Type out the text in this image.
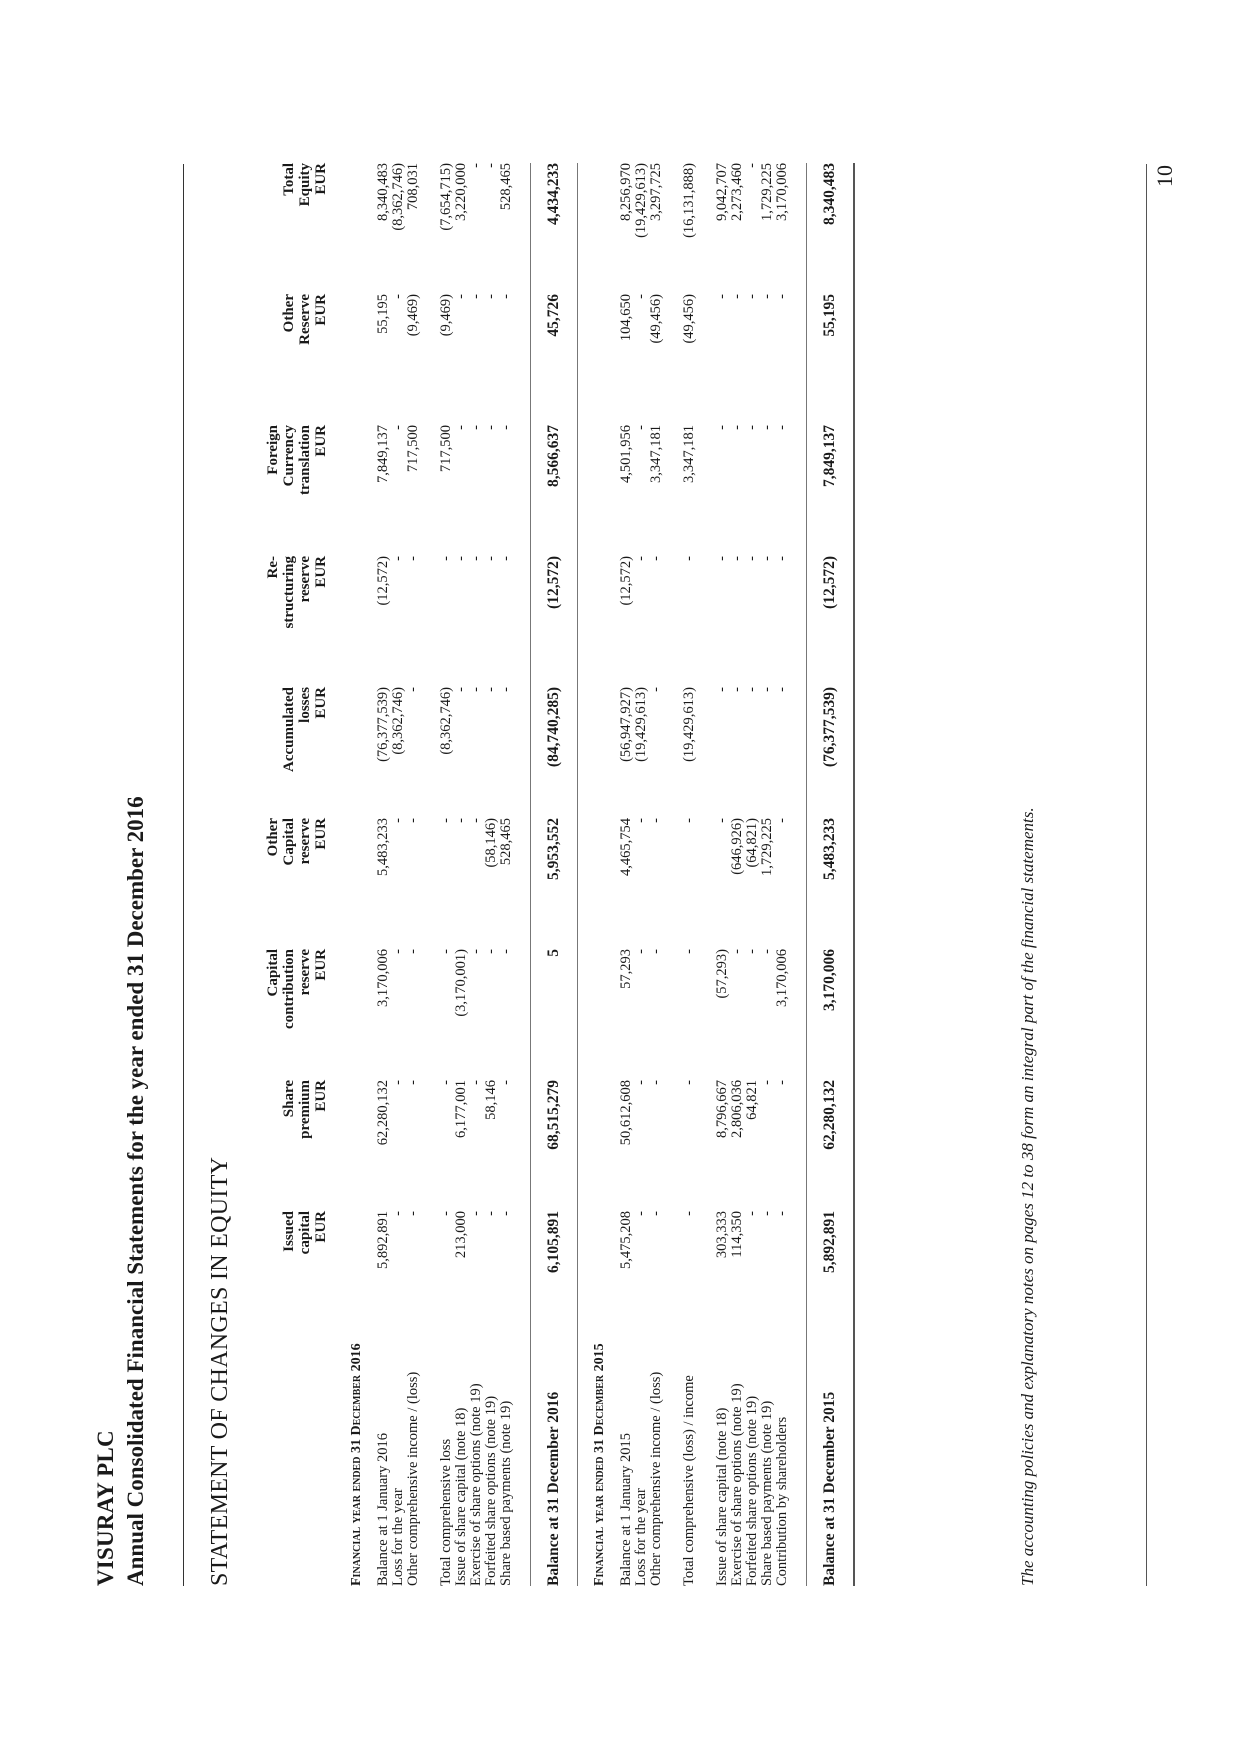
VISURAY PLC Annual Consolidated Financial Statements for the year ended 31 December 2016 STATEMENT OF CHANGES IN EQUITY
		Issued
capital
EUR	Share
premium
EUR	Capital
contribution
reserve
EUR	Other
Capital
reserve
EUR	Accumulated
losses
EUR	Re-
structuring
reserve
EUR	Foreign
Currency
translation
EUR	Other
Reserve
EUR	Total
Equity
EUR
Financial year ended 31 December 2016									
Balance at 1 January 2016	5,892,891	62,280,132	3,170,006	5,483,233	(76,377,539)	(12,572)	7,849,137	55,195	8,340,483
Loss for the year	-	-	-	-	(8,362,746)	-	-	-	(8,362,746)
Other comprehensive income / (loss)	-	-	-	-	-	-	717,500	(9,469)	708,031

Total comprehensive loss	-	-	-	-	(8,362,746)	-	717,500	(9,469)	(7,654,715)
Issue of share capital (note 18)	213,000	6,177,001	(3,170,001)	-	-	-	-	-	3,220,000
Exercise of share options (note 19)	-	-	-	-	-	-	-	-	-
Forfeited share options (note 19)	-	58,146	-	(58,146)	-	-	-	-	-
Share based payments (note 19)	-	-	-	528,465	-	-	-	-	528,465

Balance at 31 December 2016	6,105,891	68,515,279	5	5,953,552	(84,740,285)	(12,572)	8,566,637	45,726	4,434,233
Financial year ended 31 December 2015									
Balance at 1 January 2015	5,475,208	50,612,608	57,293	4,465,754	(56,947,927)	(12,572)	4,501,956	104,650	8,256,970
Loss for the year	-	-	-	-	(19,429,613)	-	-	-	(19,429,613)
Other comprehensive income / (loss)	-	-	-	-	-	-	3,347,181	(49,456)	3,297,725

Total comprehensive (loss) / income	-	-	-	-	(19,429,613)	-	3,347,181	(49,456)	(16,131,888)

Issue of share capital (note 18)	303,333	8,796,667	(57,293)	-	-	-	-	-	9,042,707
Exercise of share options (note 19)	114,350	2,806,036	-	(646,926)	-	-	-	-	2,273,460
Forfeited share options (note 19)	-	64,821	-	(64,821)	-	-	-	-	-
Share based payments (note 19)	-	-	-	1,729,225	-	-	-	-	1,729,225
Contribution by shareholders	-	-	3,170,006	-	-	-	-	-	3,170,006

Balance at 31 December 2015	5,892,891	62,280,132	3,170,006	5,483,233	(76,377,539)	(12,572)	7,849,137	55,195	8,340,483
The accounting policies and explanatory notes on pages 12 to 38 form an integral part of the financial statements.
10
